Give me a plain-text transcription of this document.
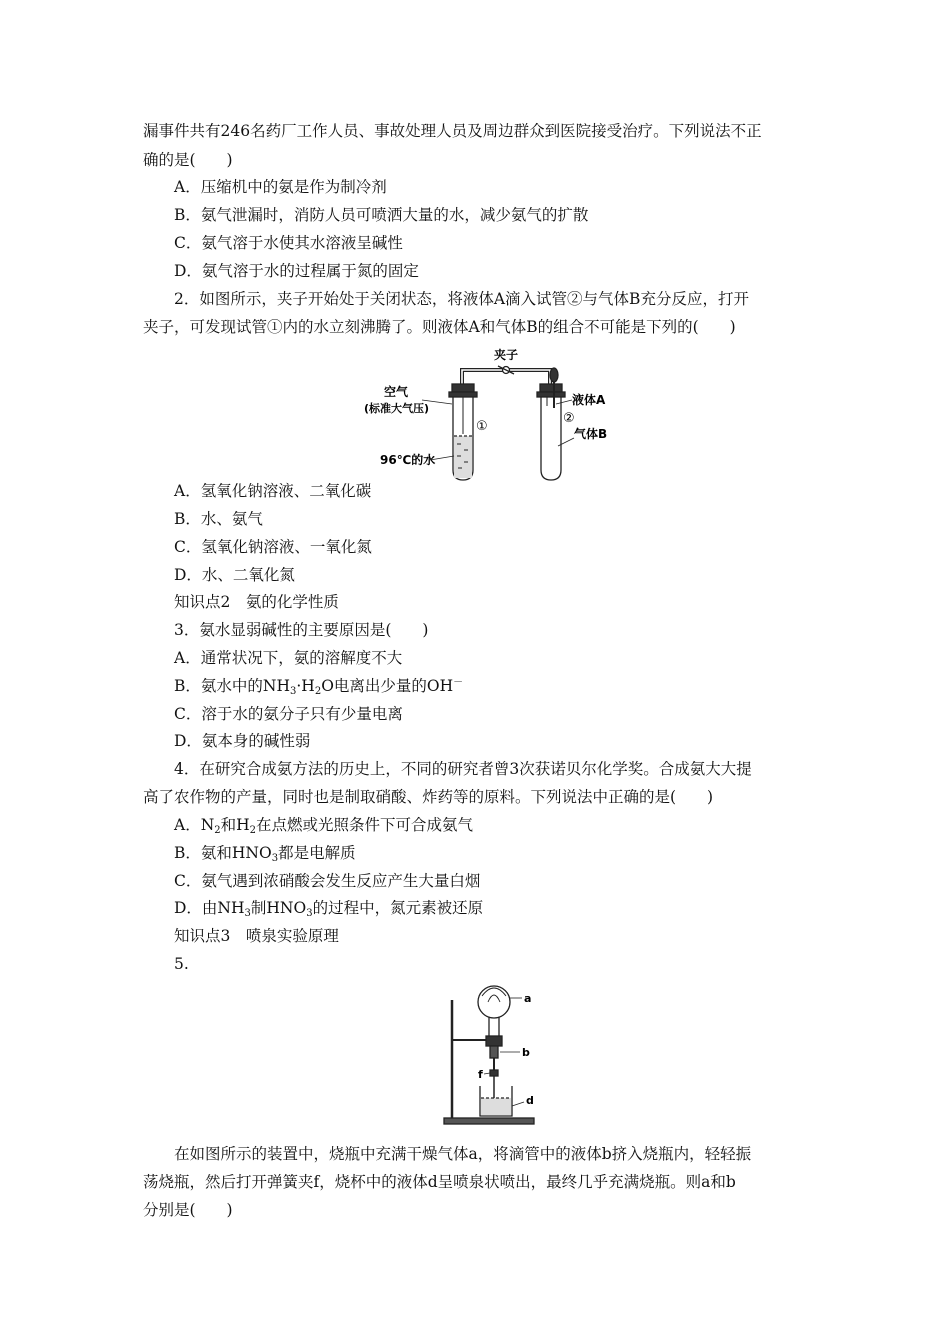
漏事件共有246名药厂工作人员、事故处理人员及周边群众到医院接受治疗。下列说法不正
确的是(　　)
A．压缩机中的氨是作为制冷剂
B．氨气泄漏时，消防人员可喷洒大量的水，减少氨气的扩散
C．氨气溶于水使其水溶液呈碱性
D．氨气溶于水的过程属于氮的固定
2．如图所示，夹子开始处于关闭状态，将液体A滴入试管②与气体B充分反应，打开
夹子，可发现试管①内的水立刻沸腾了。则液体A和气体B的组合不可能是下列的(　　)
夹子
空气
(标准大气压)
①
96℃的水
液体A
②
气体B
A．氢氧化钠溶液、二氧化碳
B．水、氨气
C．氢氧化钠溶液、一氧化氮
D．水、二氧化氮
知识点2　氨的化学性质
3．氨水显弱碱性的主要原因是(　　)
A．通常状况下，氨的溶解度不大
B．氨水中的$NH_3\cdot H_2O$电离出少量的OH－
C．溶于水的氨分子只有少量电离
D．氨本身的碱性弱
4．在研究合成氨方法的历史上，不同的研究者曾3次获诺贝尔化学奖。合成氨大大提
高了农作物的产量，同时也是制取硝酸、炸药等的原料。下列说法中正确的是(　　)
A．$N_2$和$H_2$在点燃或光照条件下可合成氨气
B．氨和$HNO_3$都是电解质
C．氨气遇到浓硝酸会发生反应产生大量白烟
D．由$NH_3$制$HNO_3$的过程中，氮元素被还原
知识点3　喷泉实验原理
5.
a
b
f
d
在如图所示的装置中，烧瓶中充满干燥气体a，将滴管中的液体b挤入烧瓶内，轻轻振
荡烧瓶，然后打开弹簧夹f，烧杯中的液体d呈喷泉状喷出，最终几乎充满烧瓶。则a和b
分别是(　　)
